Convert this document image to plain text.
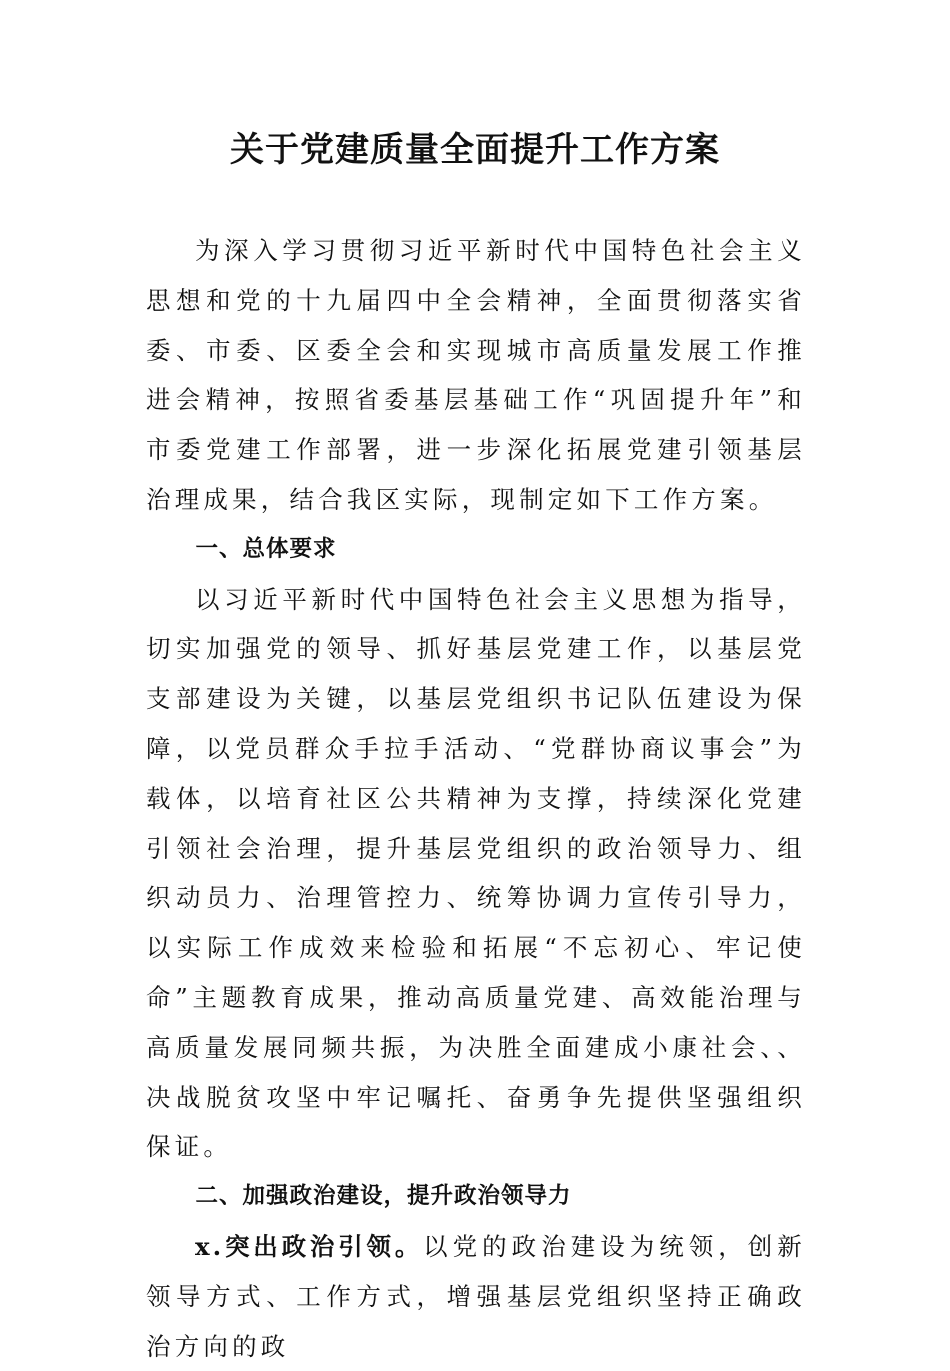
关于党建质量全面提升工作方案

为深入学习贯彻习近平新时代中国特色社会主义思想和党的十九届四中全会精神，全面贯彻落实省委、市委、区委全会和实现城市高质量发展工作推进会精神，按照省委基层基础工作“巩固提升年”和市委党建工作部署，进一步深化拓展党建引领基层治理成果，结合我区实际，现制定如下工作方案。

一、总体要求

以习近平新时代中国特色社会主义思想为指导，切实加强党的领导、抓好基层党建工作，以基层党支部建设为关键，以基层党组织书记队伍建设为保障，以党员群众手拉手活动、“党群协商议事会”为载体，以培育社区公共精神为支撑，持续深化党建引领社会治理，提升基层党组织的政治领导力、组织动员力、治理管控力、统筹协调力宣传引导力，以实际工作成效来检验和拓展“不忘初心、牢记使命”主题教育成果，推动高质量党建、高效能治理与高质量发展同频共振，为决胜全面建成小康社会、、决战脱贫攻坚中牢记嘱托、奋勇争先提供坚强组织保证。

二、加强政治建设，提升政治领导力

x.突出政治引领。以党的政治建设为统领，创新领导方式、工作方式，增强基层党组织坚持正确政治方向的政
